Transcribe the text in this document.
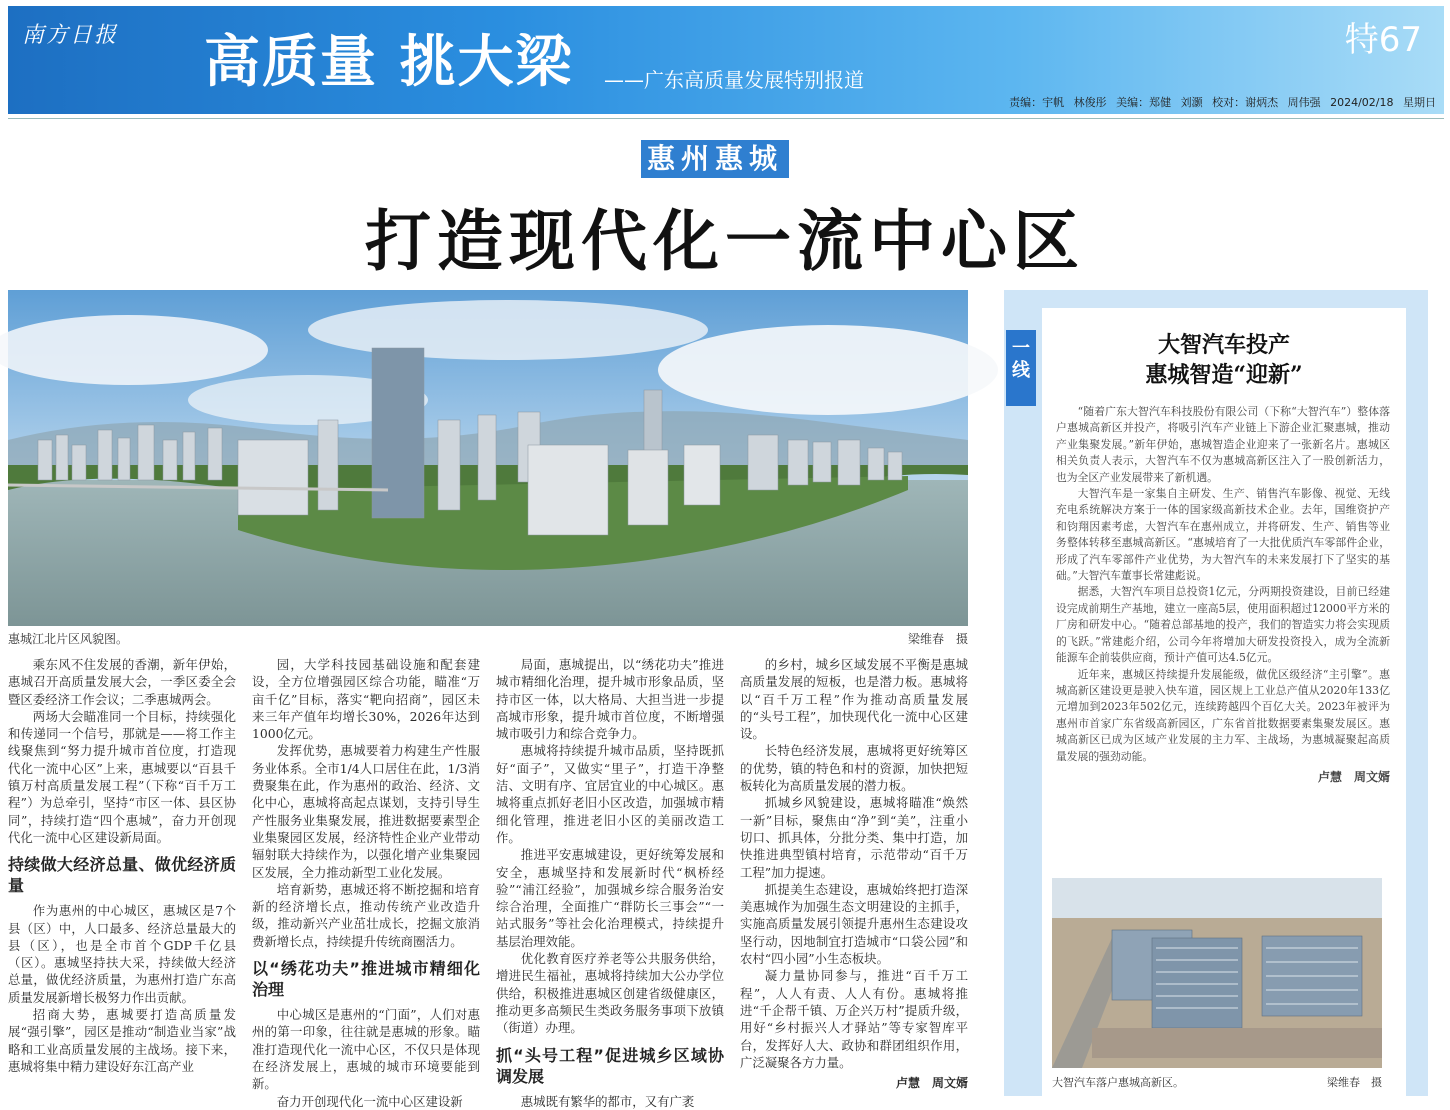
南方日报 高质量 挑大梁 ——广东高质量发展特别报道
特67
责编：宇帆 林俊彤 美编：郑健 刘灏 校对：谢炳杰 周伟强 2024/02/18 星期日
惠州惠城
打造现代化一流中心区
惠城江北片区风貌图。	梁维春　摄

乘东风不住发展的香潮，新年伊始，惠城召开高质量发展大会，一季区委全会暨区委经济工作会议；二季惠城两会。

两场大会瞄准同一个目标，持续强化和传递同一个信号，那就是——将工作主线聚焦到“努力提升城市首位度，打造现代化一流中心区”上来，惠城要以“百县千镇万村高质量发展工程”（下称“百千万工程”）为总牵引，坚持“市区一体、县区协同”，持续打造“四个惠城”，奋力开创现代化一流中心区建设新局面。

持续做大经济总量、做优经济质量

作为惠州的中心城区，惠城区是7个县（区）中，人口最多、经济总量最大的县（区），也是全市首个GDP千亿县（区）。惠城坚持扶大采，持续做大经济总量，做优经济质量，为惠州打造广东高质量发展新增长极努力作出贡献。

招商大势，惠城要打造高质量发展“强引擎”，园区是推动“制造业当家”战略和工业高质量发展的主战场。接下来，惠城将集中精力建设好东江高产业

园，大学科技园基础设施和配套建设，全方位增强园区综合功能，瞄准“万亩千亿”目标，落实“靶向招商”，园区未来三年产值年均增长30%，2026年达到1000亿元。

发挥优势，惠城要着力构建生产性服务业体系。全市1/4人口居住在此，1/3消费聚集在此，作为惠州的政治、经济、文化中心，惠城将高起点谋划，支持引导生产性服务业集聚发展，推进数据要素型企业集聚园区发展，经济特性企业产业带动辐射联大持续作为，以强化增产业集聚园区发展，全力推动新型工业化发展。

培育新势，惠城还将不断挖掘和培育新的经济增长点，推动传统产业改造升级，推动新兴产业茁壮成长，挖掘文旅消费新增长点，持续提升传统商圈活力。

以“绣花功夫”推进城市精细化治理

中心城区是惠州的“门面”，人们对惠州的第一印象，往往就是惠城的形象。瞄准打造现代化一流中心区，不仅只是体现在经济发展上，惠城的城市环境要能到新。

奋力开创现代化一流中心区建设新

局面，惠城提出，以“绣花功夫”推进城市精细化治理，提升城市形象品质，坚持市区一体，以大格局、大担当进一步提高城市形象，提升城市首位度，不断增强城市吸引力和综合竞争力。

惠城将持续提升城市品质，坚持既抓好“面子”，又做实“里子”，打造干净整洁、文明有序、宜居宜业的中心城区。惠城将重点抓好老旧小区改造，加强城市精细化管理，推进老旧小区的美丽改造工作。

推进平安惠城建设，更好统筹发展和安全，惠城坚持和发展新时代“枫桥经验”“浦江经验”，加强城乡综合服务治安综合治理，全面推广“群防长三事会”“一站式服务”等社会化治理模式，持续提升基层治理效能。

优化教育医疗养老等公共服务供给，增进民生福祉，惠城将持续加大公办学位供给，积极推进惠城区创建省级健康区，推动更多高频民生类政务服务事项下放镇（街道）办理。

抓“头号工程”促进城乡区域协调发展

惠城既有繁华的都市，又有广袤

的乡村，城乡区域发展不平衡是惠城高质量发展的短板，也是潜力板。惠城将以“百千万工程”作为推动高质量发展的“头号工程”，加快现代化一流中心区建设。

长特色经济发展，惠城将更好统筹区的优势，镇的特色和村的资源，加快把短板转化为高质量发展的潜力板。

抓城乡风貌建设，惠城将瞄准“焕然一新”目标，聚焦由“净”到“美”，注重小切口、抓具体，分批分类、集中打造，加快推进典型镇村培育，示范带动“百千万工程”加力提速。

抓提美生态建设，惠城始终把打造深美惠城作为加强生态文明建设的主抓手，实施高质量发展引领提升惠州生态建设攻坚行动，因地制宜打造城市“口袋公园”和农村“四小园”小生态板块。

凝力量协同参与，推进“百千万工程”，人人有责、人人有份。惠城将推进“千企帮千镇、万企兴万村”提质升级，用好“乡村振兴人才驿站”等专家智库平台，发挥好人大、政协和群团组织作用，广泛凝聚各方力量。

卢慧　周文婿
一线
大智汽车投产
惠城智造“迎新”

“随着广东大智汽车科技股份有限公司（下称“大智汽车”）整体落户惠城高新区并投产，将吸引汽车产业链上下游企业汇聚惠城，推动产业集聚发展。”新年伊始，惠城智造企业迎来了一张新名片。惠城区相关负责人表示，大智汽车不仅为惠城高新区注入了一股创新活力，也为全区产业发展带来了新机遇。

大智汽车是一家集自主研发、生产、销售汽车影像、视觉、无线充电系统解决方案于一体的国家级高新技术企业。去年，国维资护产和钧翔因素考虑，大智汽车在惠州成立，并将研发、生产、销售等业务整体转移至惠城高新区。“惠城培育了一大批优质汽车零部件企业，形成了汽车零部件产业优势，为大智汽车的未来发展打下了坚实的基础。”大智汽车董事长常建彪说。

据悉，大智汽车项目总投资1亿元，分两期投资建设，目前已经建设完成前期生产基地，建立一座高5层，使用面积超过12000平方米的厂房和研发中心。“随着总部基地的投产，我们的智造实力将会实现质的飞跃。”常建彪介绍，公司今年将增加大研发投资投入，成为全流新能源车企前装供应商，预计产值可达4.5亿元。

近年来，惠城区持续提升发展能级，做优区级经济“主引擎”。惠城高新区建设更是驶入快车道，园区规上工业总产值从2020年133亿元增加到2023年502亿元，连续跨越四个百亿大关。2023年被评为惠州市首家广东省级高新园区，广东省首批数据要素集聚发展区。惠城高新区已成为区域产业发展的主力军、主战场，为惠城凝聚起高质量发展的强劲动能。

卢慧　周文婿
大智汽车落户惠城高新区。	梁维春　摄
